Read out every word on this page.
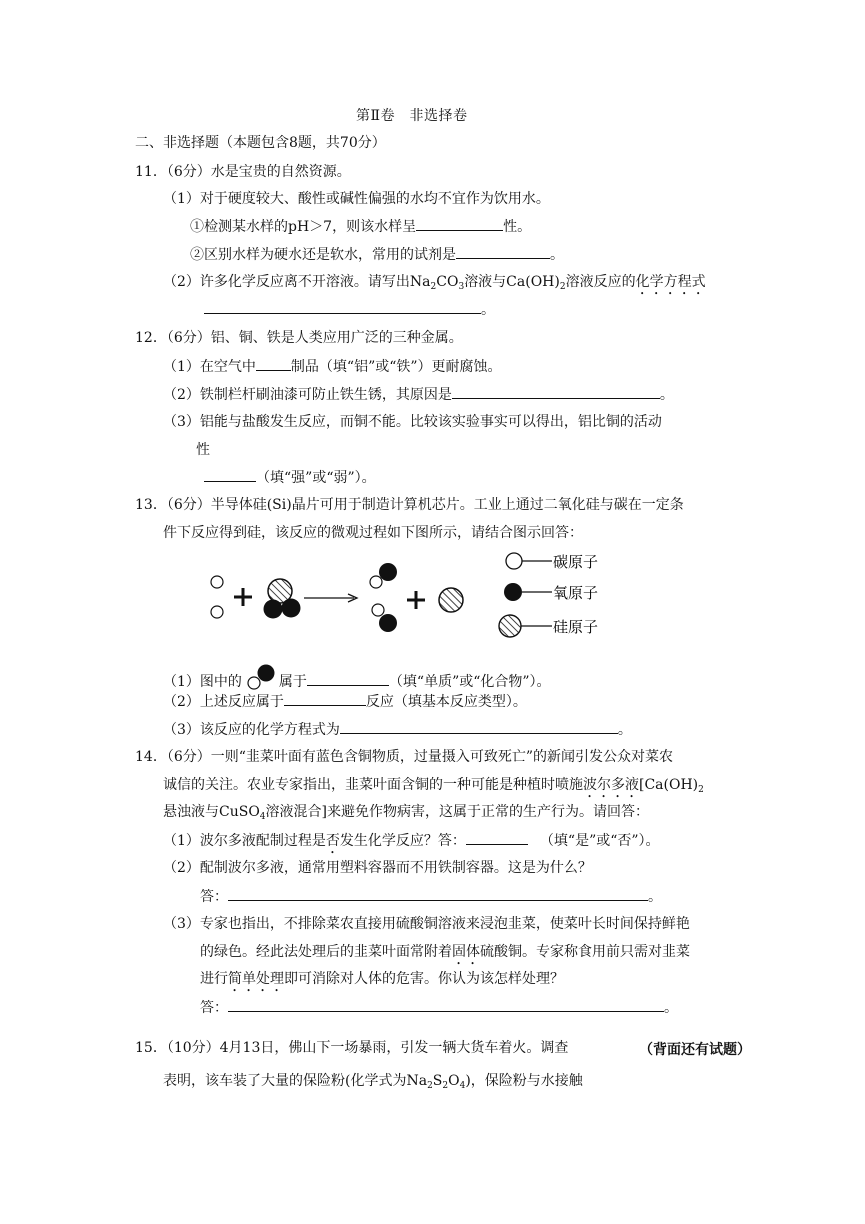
第Ⅱ卷　非选择卷
二、非选择题（本题包含8题，共70分）
11．（6分）水是宝贵的自然资源。
（1）对于硬度较大、酸性或碱性偏强的水均不宜作为饮用水。
①检测某水样的pH＞7，则该水样呈	性。
②区别水样为硬水还是软水，常用的试剂是	。
（2）许多化学反应离不开溶液。请写出$Na_2CO_3$溶液与$Ca(OH)_2$溶液反应的化学方程式
。
12．（6分）铝、铜、铁是人类应用广泛的三种金属。
（1）在空气中	制品（填“铝”或“铁”）更耐腐蚀。
（2）铁制栏杆刷油漆可防止铁生锈，其原因是	。
（3）铝能与盐酸发生反应，而铜不能。比较该实验事实可以得出，铝比铜的活动
性
（填“强”或“弱”）。
13．（6分）半导体硅(Si)晶片可用于制造计算机芯片。工业上通过二氧化硅与碳在一定条
件下反应得到硅，该反应的微观过程如下图所示，请结合图示回答：
碳原子
氧原子
硅原子
（1）图中的	属于	（填“单质”或“化合物”）。
（2）上述反应属于	反应（填基本反应类型）。
（3）该反应的化学方程式为	。
14．（6分）一则“韭菜叶面有蓝色含铜物质，过量摄入可致死亡”的新闻引发公众对菜农
诚信的关注。农业专家指出，韭菜叶面含铜的一种可能是种植时喷施波尔多液[$Ca(OH)_2$
悬浊液与CuSO$_4$溶液混合]来避免作物病害，这属于正常的生产行为。请回答：
（1）波尔多液配制过程是否发生化学反应？答：	（填“是”或“否”）。
（2）配制波尔多液，通常用塑料容器而不用铁制容器。这是为什么？
答：	。
（3）专家也指出，不排除菜农直接用硫酸铜溶液来浸泡韭菜，使菜叶长时间保持鲜艳
的绿色。经此法处理后的韭菜叶面常附着固体硫酸铜。专家称食用前只需对韭菜
进行简单处理即可消除对人体的危害。你认为该怎样处理？
答：	。
15．（10分）4月13日，佛山下一场暴雨，引发一辆大货车着火。调查	（背面还有试题）
表明，该车装了大量的保险粉(化学式为$Na_2S_2O_4$)，保险粉与水接触
